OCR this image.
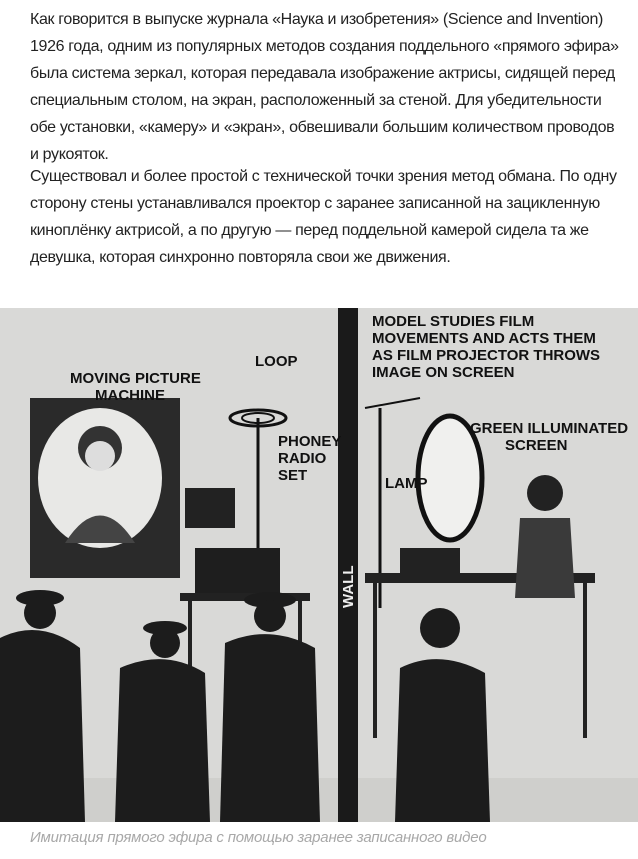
Как говорится в выпуске журнала «Наука и изобретения» (Science and Invention) 1926 года, одним из популярных методов создания поддельного «прямого эфира» была система зеркал, которая передавала изображение актрисы, сидящей перед специальным столом, на экран, расположенный за стеной. Для убедительности обе установки, «камеру» и «экран», обвешивали большим количеством проводов и рукояток.

Существовал и более простой с технической точки зрения метод обмана. По одну сторону стены устанавливался проектор с заранее записанной на зацикленную киноплёнку актрисой, а по другую — перед поддельной камерой сидела та же девушка, которая синхронно повторяла свои же движения.

MOVING PICTURE
MACHINE
LOOP
PHONEY
RADIO
SET
WALL
MODEL STUDIES FILM
MOVEMENTS AND ACTS THEM
AS FILM PROJECTOR THROWS
IMAGE ON SCREEN
GREEN ILLUMINATED
SCREEN
LAMP
Имитация прямого эфира с помощью заранее записанного видео
